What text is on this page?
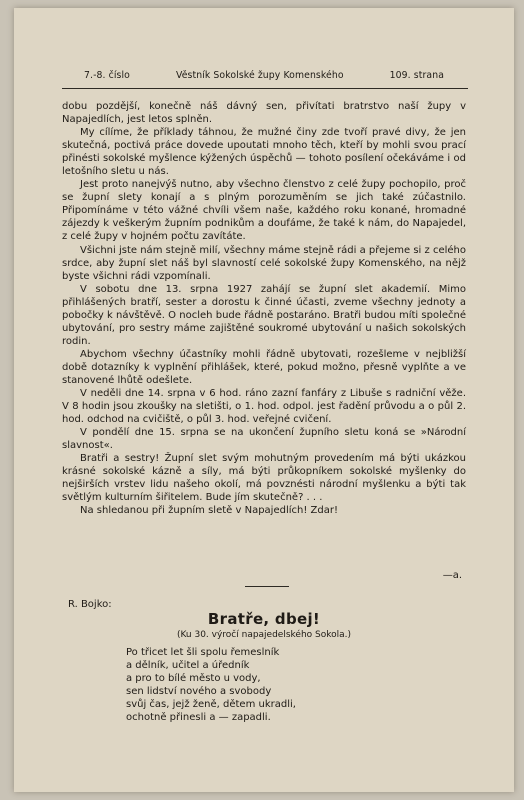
7.-8. číslo	Věstník Sokolské župy Komenského	109. strana

dobu pozdější, konečně náš dávný sen, přivítati bratrstvo naší župy v Napajedlích, jest letos splněn.

My cílíme, že příklady táhnou, že mužné činy zde tvoří pravé divy, že jen skutečná, poctivá práce dovede upoutati mnoho těch, kteří by mohli svou prací přinésti sokolské myšlence kýžených úspěchů — tohoto posílení očekáváme i od letošního sletu u nás.

Jest proto nanejvýš nutno, aby všechno členstvo z celé župy pochopilo, proč se župní slety konají a s plným porozuměním se jich také zúčastnilo. Připomínáme v této vážné chvíli všem naše, každého roku konané, hromadné zájezdy k veškerým župním podnikům a doufáme, že také k nám, do Napajedel, z celé župy v hojném počtu zavítáte.

Všichni jste nám stejně milí, všechny máme stejně rádi a přejeme si z celého srdce, aby župní slet náš byl slavností celé sokolské župy Komenského, na nějž byste všichni rádi vzpomínali.

V sobotu dne 13. srpna 1927 zahájí se župní slet akademií. Mimo přihlášených bratří, sester a dorostu k činné účasti, zveme všechny jednoty a pobočky k návštěvě. O nocleh bude řádně postaráno. Bratři budou míti společné ubytování, pro sestry máme zajištěné soukromé ubytování u našich sokolských rodin.

Abychom všechny účastníky mohli řádně ubytovati, rozešleme v nejbližší době dotazníky k vyplnění přihlášek, které, pokud možno, přesně vyplňte a ve stanovené lhůtě odešlete.

V neděli dne 14. srpna v 6 hod. ráno zazní fanfáry z Libuše s radniční věže. V 8 hodin jsou zkoušky na sletišti, o 1. hod. odpol. jest řadění průvodu a o půl 2. hod. odchod na cvičiště, o půl 3. hod. veřejné cvičení.

V pondělí dne 15. srpna se na ukončení župního sletu koná se »Národní slavnost«.

Bratři a sestry! Župní slet svým mohutným provedením má býti ukázkou krásné sokolské kázně a síly, má býti průkopníkem sokolské myšlenky do nejširších vrstev lidu našeho okolí, má povznésti národní myšlenku a býti tak světlým kulturním šiřitelem. Bude jím skutečně? . . .

Na shledanou při župním sletě v Napajedlích! Zdar!

—a.
R. Bojko:
Bratře, dbej!
(Ku 30. výročí napajedelského Sokola.)
Po třicet let šli spolu řemeslník
a dělník, učitel a úředník
a pro to bílé město u vody,
sen lidství nového a svobody
svůj čas, jejž ženě, dětem ukradli,
ochotně přinesli a — zapadli.
